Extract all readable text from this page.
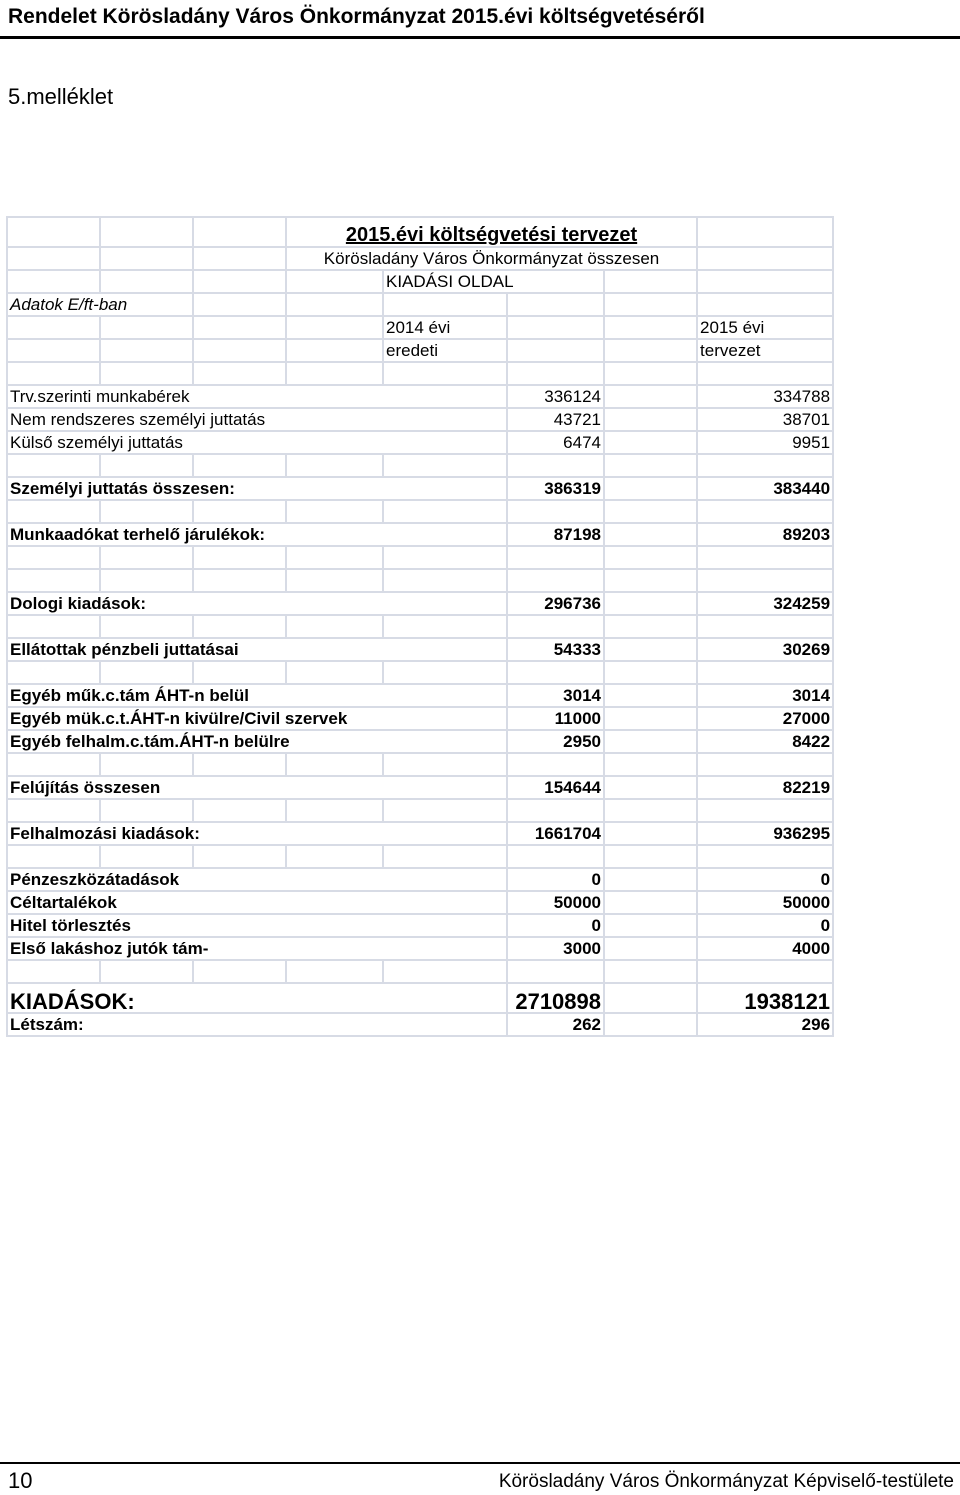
Rendelet Körösladány Város Önkormányzat 2015.évi költségvetéséről
5.melléklet
			2015.évi költségvetési tervezet				
			Körösladány Város Önkormányzat összesen				
				KIADÁSI OLDAL			
Adatok E/ft-ban							
				2014 évi			2015 évi
				eredeti			tervezet

Trv.szerinti munkabérek					336124		334788
Nem rendszeres személyi juttatás					43721		38701
Külső személyi juttatás					6474		9951

Személyi juttatás összesen:					386319		383440

Munkaadókat terhelő járulékok:					87198		89203

Dologi kiadások:					296736		324259

Ellátottak pénzbeli juttatásai					54333		30269

Egyéb műk.c.tám ÁHT-n belül					3014		3014
Egyéb mük.c.t.ÁHT-n kivülre/Civil szervek					11000		27000
Egyéb felhalm.c.tám.ÁHT-n belülre					2950		8422

Felújítás összesen					154644		82219

Felhalmozási kiadások:					1661704		936295

Pénzeszközátadások					0		0
Céltartalékok					50000		50000
Hitel törlesztés					0		0
Első lakáshoz jutók tám-					3000		4000

KIADÁSOK:					2710898		1938121
Létszám:					262		296
10	Körösladány Város Önkormányzat Képviselő-testülete
